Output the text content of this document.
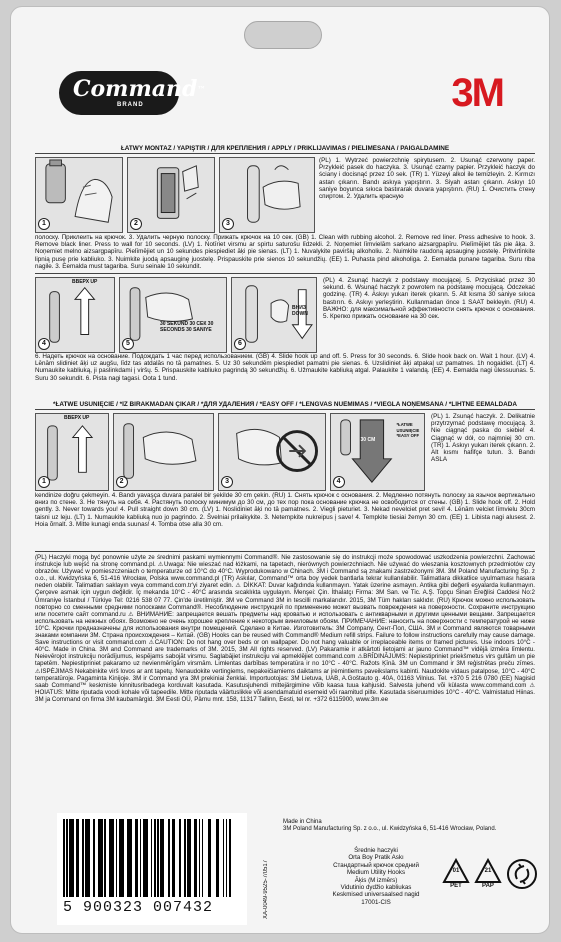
Command™
BRAND	3M
ŁATWY MONTAŻ / YAPIŞTIR / ДЛЯ КРЕПЛЕНИЯ / APPLY / PRIKLIJAVIMAS / PIELĪMĒŠANA / PAIGALDAMINE
1	2	3
(PL) 1. Wytrzeć powierzchnię spirytusem. 2. Usunąć czerwony paper. Przykleić pasek do haczyka. 3. Usunąć czarny papier. Przykleić haczyk do ściany i docisnąć przez 10 sek. (TR) 1. Yüzeyi alkol ile temizleyin. 2. Kırmızı astarı çıkarın. Bandı askıya yapıştırın. 3. Siyah astarı çıkarın. Askıyı 10 saniye boyunca sıkıca bastırarak duvara yapıştırın. (RU) 1. Очистить стену спиртом. 2. Удалить красную
полоску. Приклеить на крючок. 3. Удалить черную полоску. Прижать крючок на 10 сек. (GB) 1. Clean with rubbing alcohol. 2. Remove red liner. Press adhesive to hook. 3. Remove black liner. Press to wall for 10 seconds. (LV) 1. Notīriet virsmu ar spirtu saturošu līdzekli. 2. Noņemiet līmvielām sarkano aizsargpapīru. Pielīmējiet tās pie āķa. 3. Noņemiet melno aizsargpapīru. Pielīmējiet un 10 sekundes piespiediet āķi pie sienas. (LT) 1. Nuvalykite paviršių alkoholiu. 2. Nuimkite raudoną apsauginę juostelę. Pritvirtinkite lipnią pusę prie kabliuko. 3. Nuimkite juodą apsauginę juostelę. Prispauskite prie sienos 10 sekundžių. (EE) 1. Puhasta pind alkoholiga. 2. Eemalda punane tagariba. Suru riba nagile. 3. Eemalda must tagariba. Suru seinale 10 sekundit.
ВВЕРХ UP
4
30 SEKUND 30 СЕК 30 SECONDS 30 SANIYE
5
ВНИЗ DOWN
6
(PL) 4. Zsunąć haczyk z podstawy mocującej. 5. Przyciskać przez 30 sekund. 6. Wsunąć haczyk z powrotem na podstawę mocującą. Odczekać godzinę. (TR) 4. Askıyı yukarı iterek çıkarın. 5. Alt kısma 30 saniye sıkıca bastırın. 6. Askıyı yerleştirin. Kullanmadan önce 1 SAAT bekleyin. (RU) 4. ВАЖНО: для максимальной эффективности снять крючок с основания. 5. Крепко прижать основание на 30 сек.
6. Надеть крючок на основание. Подождать 1 час перед использованием. (GB) 4. Slide hook up and off. 5. Press for 30 seconds. 6. Slide hook back on. Wait 1 hour. (LV) 4. Lēnām slidiniet āķi uz augšu, līdz tas atdalās no tā pamatnes. 5. Uz 30 sekundēm piespiediet pamatni pie sienas. 6. Uzslidiniet āķi atpakaļ uz pamatnes. 1h nogaidiet. (LT) 4. Numaukite kabliuką, ji paslinkdami į viršų. 5. Prispauskite kabliuko pagrindą 30 sekundžių. 6. Užmaukite kabliuką atgal. Palaukite 1 valandą. (EE) 4. Eemalda nagi ülessuunas. 5. Suru 30 sekundit. 6. Pista nagi tagasi. Oota 1 tund.
*ŁATWE USUNIĘCIE / *İZ BIRAKMADAN ÇIKAR / *ДЛЯ УДАЛЕНИЯ / *EASY OFF / *LENGVAS NUĖMIMAS / *VIEGLA NOŅEMŠANA / *LIHTNE EEMALDADA
ВВЕРХ UP
1	2	3
30 CM
*ŁATWE USUNIĘCIE *EASY OFF
4
(PL) 1. Zsunąć haczyk. 2. Delikatnie przytrzymać podstawę mocującą. 3. Nie ciągnąć paska do siebie! 4. Ciągnąć w dół, co najmniej 30 cm. (TR) 1. Askıyı yukarı iterek çıkarın. 2. Alt kısmı hafifçe tutun. 3. Bandı ASLA
kendinize doğru çekmeyin. 4. Bandı yavaşça duvara paralel bir şekilde 30 cm çekin. (RU) 1. Снять крючок с основания. 2. Медленно потянуть полоску за язычок вертикально вниз по стене. 3. Не тянуть на себя. 4. Растянуть полоску минимум до 30 см, до тех пор пока основание крючка не освободится от стены. (GB) 1. Slide hook off. 2. Hold gently. 3. Never towards you! 4. Pull straight down 30 cm. (LV) 1. Noslidiniet āķi no tā pamatnes. 2. Viegli pieturiet. 3. Nekad nevelciet pret sevi! 4. Lēnām velciet līmvielu 30cm taisni uz leju. (LT) 1. Numaukite kabliuką nuo jo pagrindo. 2. Švelniai prilaikykite. 3. Netempkite nukreipus į save! 4. Tempkite tiesiai žemyn 30 cm. (EE) 1. Libista nagi alusest. 2. Hoia õrnalt. 3. Mitte kunagi enda suunas! 4. Tomba otse alla 30 cm.
(PL) Haczyki mogą być ponownie użyte ze średnimi paskami wymiennymi Command®. Nie zastosowanie się do instrukcji może spowodować uszkodzenia powierzchni. Zachować instrukcje lub wejść na stronę command.pl. ⚠Uwaga: Nie wieszać nad łóżkami, na tapetach, nierównych powierzchniach. Nie używać do wieszania kosztownych przedmiotów czy obrazów. Używać w pomieszczeniach o temperaturze od 10°C do 40°C. Wyprodukowano w Chinach. 3M i Command są znakami zastrzeżonymi 3M. 3M Poland Manufacturing Sp. z o.o., ul. Kwidzyńska 6, 51-416 Wrocław, Polska www.command.pl (TR) Askılar, Command™ orta boy yedek bantlarla tekrar kullanılabilir. Talimatlara dikkatlice uyulmaması hasara neden olabilir. Talimatları saklayın veya command.com.tr'yi ziyaret edin. ⚠ DİKKAT: Duvar kağıdında kullanmayın. Yatak üzerine asmayın. Antika gibi değerli eşyalarda kullanmayın. Çerçeve asmak için uygun değildir. İç mekanda 10°C - 40°C arasında sıcaklıkta uygulayın. Menşei: Çin. İthalatçı Firma: 3M San. ve Tic. A.Ş. Topçu Sinan Ereğlisi Caddesi No:2 Ümraniye İstanbul / Türkiye Tel: 0216 538 07 77. Çin'de üretilmiştir. 3M ve Command 3M in tescilli markalarıdır. 2015, 3M Tüm hakları saklıdır. (RU) Крючок можно использовать повторно со сменными средними полосками Command®. Несоблюдение инструкций по применению может вызвать повреждения на поверхности. Сохраните инструкцию или посетите сайт command.ru ⚠ ВНИМАНИЕ: запрещается вешать предметы над кроватью и использовать с антикварными и другими ценными вещами. Запрещается использовать на нежных обоях. Возможно не очень хорошее крепление к некоторым виниловым обоям. ПРИМЕЧАНИЕ: наносить на поверхности с температурой не ниже 10°C. Крючки предназначены для использования внутри помещений. Сделано в Китае. Изготовитель: 3M Company, Сент-Пол, США. 3M и Command являются товарными знаками компании 3M. Страна происхождения – Китай. (GB) Hooks can be reused with Command® Medium refill strips. Failure to follow instructions carefully may cause damage. Save instructions or visit command.com ⚠CAUTION: Do not hang over beds or on wallpaper. Do not hang valuable or irreplaceable items or framed pictures. Use indoors 10°C - 40°C. Made in China. 3M and Command are trademarks of 3M. 2015, 3M All rights reserved. (LV) Pakaramie ir atkārtoti lietojami ar jauno Command™ vidējā izmēra līmlentu. Neievērojot instrukciju norādījumus, iespējams sabojāt virsmu. Saglabājiet instrukciju vai apmeklējiet command.com ⚠BRĪDINĀJUMS: Nepiestipriniet priekšmetus virs gultām un pie tapetēm. Nepiestipriniet pakaramo uz nevienmērīgām virsmām. Limlentas darbības temperatūra ir no 10°C - 40°C. Ražots Ķīnā. 3M un Command ir 3M reģistrētas preču zīmes. ⚠ISPĖJIMAS Nekabinkite virš lovos ar ant tapetų. Nenaudokite vertingiems, nepakeičiamiems daiktams ar įrėmintiems paveikslams kabinti. Naudokite vidaus patalpose, 10°C - 40°C temperatūroje. Pagaminta Kinijoje. 3M ir Command yra 3M prekiniai ženklai. Importuotojas: 3M Lietuva, UAB, A.Goštauto g. 40A, 01163 Vilnius. Tel. +370 5 216 0780 (EE) Nagisid saab Command™ keskmiste kinnitusribadega korduvalt kasutada. Kasutusjuhendi mittejärgimine võib kaasa tuua kahjusid. Salvesta juhend või külasta www.command.com ⚠ HOIATUS: Mitte riputada voodi kohale või tapeedile. Mitte riputada väärtuslikke või asendamatuid esemeid või raamitud pilte. Kasutada siseruumides 10°C - 40°C. Valmistatud Hiinas. 3M ja Command on firma 3M kaubamärgid. 3M Eesti OÜ, Pärnu mnt. 158, 11317 Tallinn, Eesti, tel nr. +372 6115900, www.3m.ee
5 900323 007432	XA-0049-9525-7/0517

Made in China

3M Poland Manufacturing Sp. z o.o., ul. Kwidzyńska 6, 51-416 Wrocław, Poland.

Średnie haczyki

Orta Boy Pratik Askı

Стандартный крючок средний

Medium Utility Hooks

Āķis (M izmērs)

Vidutinio dydžio kabliukas

Keskmised universaalsed nagid

17001-CIS

01
PET
21
PAP
